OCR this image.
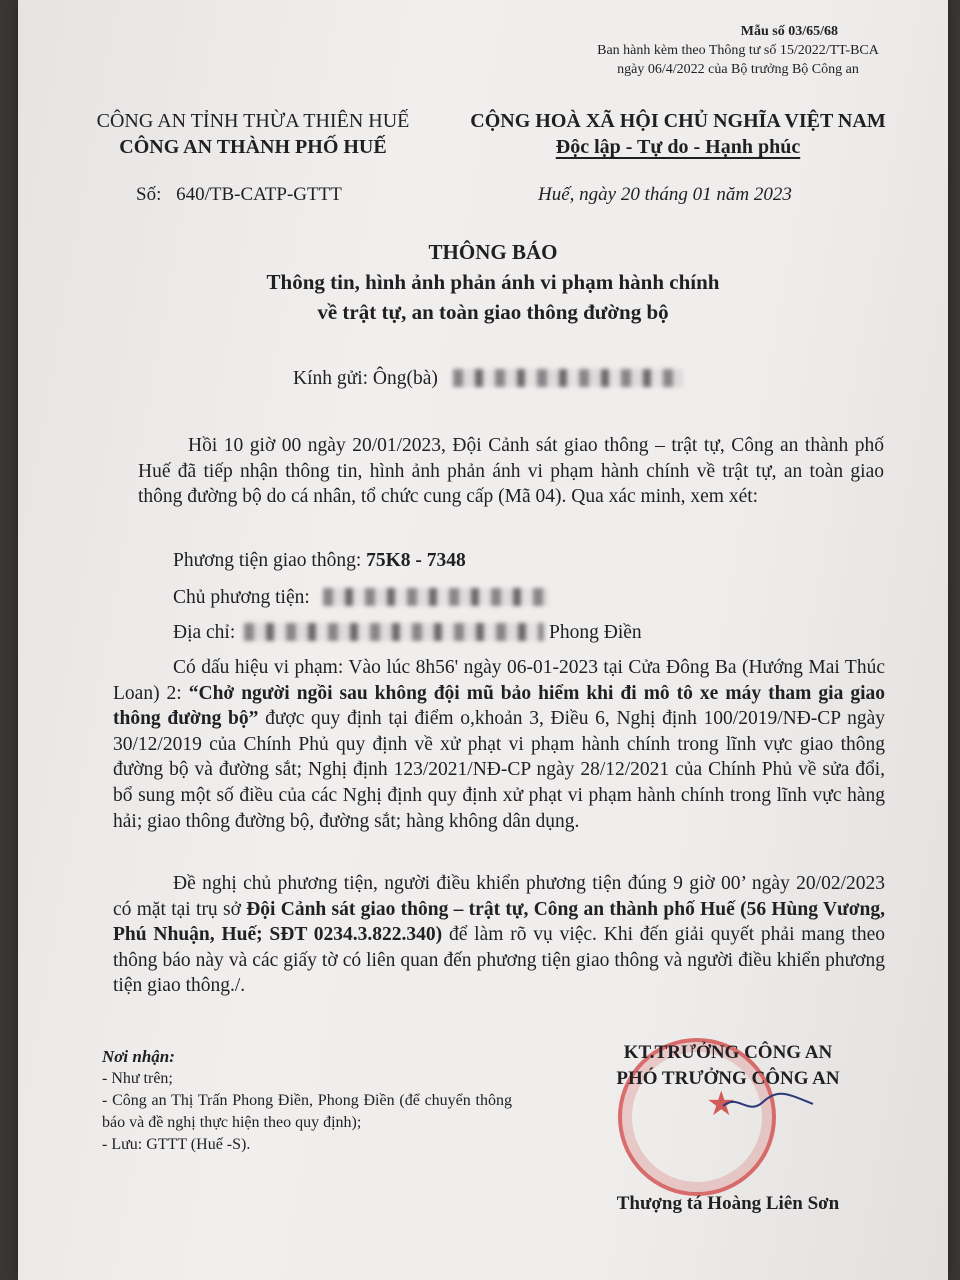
Mẫu số 03/65/68
Ban hành kèm theo Thông tư số 15/2022/TT-BCA
ngày 06/4/2022 của Bộ trưởng Bộ Công an
CÔNG AN TỈNH THỪA THIÊN HUẾ
CÔNG AN THÀNH PHỐ HUẾ
Số: 640/TB-CATP-GTTT
CỘNG HOÀ XÃ HỘI CHỦ NGHĨA VIỆT NAM
Độc lập - Tự do - Hạnh phúc
Huế, ngày 20 tháng 01 năm 2023
THÔNG BÁO
Thông tin, hình ảnh phản ánh vi phạm hành chính
về trật tự, an toàn giao thông đường bộ
Kính gửi: Ông(bà)
Hồi 10 giờ 00 ngày 20/01/2023, Đội Cảnh sát giao thông – trật tự, Công an thành phố Huế đã tiếp nhận thông tin, hình ảnh phản ánh vi phạm hành chính về trật tự, an toàn giao thông đường bộ do cá nhân, tổ chức cung cấp (Mã 04). Qua xác minh, xem xét:
Phương tiện giao thông: 75K8 - 7348
Chủ phương tiện:
Địa chỉ:	Phong Điền
Có dấu hiệu vi phạm: Vào lúc 8h56' ngày 06-01-2023 tại Cửa Đông Ba (Hướng Mai Thúc Loan) 2: “Chở người ngồi sau không đội mũ bảo hiểm khi đi mô tô xe máy tham gia giao thông đường bộ” được quy định tại điểm o,khoản 3, Điều 6, Nghị định 100/2019/NĐ-CP ngày 30/12/2019 của Chính Phủ quy định về xử phạt vi phạm hành chính trong lĩnh vực giao thông đường bộ và đường sắt; Nghị định 123/2021/NĐ-CP ngày 28/12/2021 của Chính Phủ về sửa đổi, bổ sung một số điều của các Nghị định quy định xử phạt vi phạm hành chính trong lĩnh vực hàng hải; giao thông đường bộ, đường sắt; hàng không dân dụng.
Đề nghị chủ phương tiện, người điều khiển phương tiện đúng 9 giờ 00’ ngày 20/02/2023 có mặt tại trụ sở Đội Cảnh sát giao thông – trật tự, Công an thành phố Huế (56 Hùng Vương, Phú Nhuận, Huế; SĐT 0234.3.822.340) để làm rõ vụ việc. Khi đến giải quyết phải mang theo thông báo này và các giấy tờ có liên quan đến phương tiện giao thông và người điều khiển phương tiện giao thông./.
Nơi nhận:
- Như trên;
- Công an Thị Trấn Phong Điền, Phong Điền (để chuyển thông báo và đề nghị thực hiện theo quy định);
- Lưu: GTTT (Huế -S).
★
KT.TRƯỞNG CÔNG AN
PHÓ TRƯỞNG CÔNG AN
Thượng tá Hoàng Liên Sơn
